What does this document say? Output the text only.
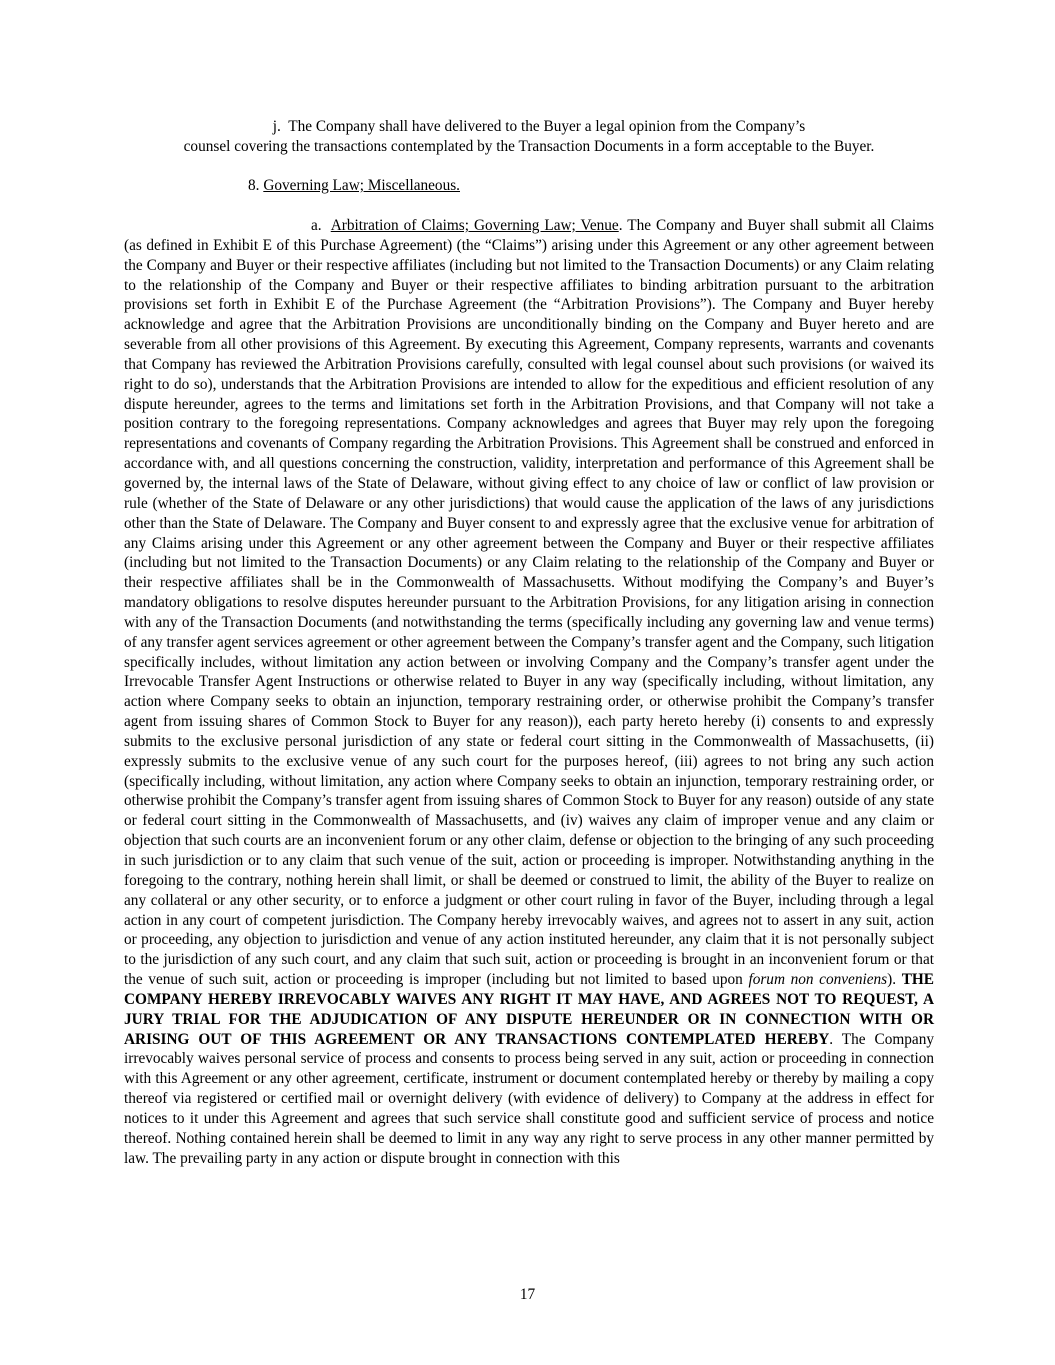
j. The Company shall have delivered to the Buyer a legal opinion from the Company’s
counsel covering the transactions contemplated by the Transaction Documents in a form acceptable to the Buyer.
8. Governing Law; Miscellaneous.
a. Arbitration of Claims; Governing Law; Venue. The Company and Buyer shall submit all Claims (as defined in Exhibit E of this Purchase Agreement) (the “Claims”) arising under this Agreement or any other agreement between the Company and Buyer or their respective affiliates (including but not limited to the Transaction Documents) or any Claim relating to the relationship of the Company and Buyer or their respective affiliates to binding arbitration pursuant to the arbitration provisions set forth in Exhibit E of the Purchase Agreement (the “Arbitration Provisions”). The Company and Buyer hereby acknowledge and agree that the Arbitration Provisions are unconditionally binding on the Company and Buyer hereto and are severable from all other provisions of this Agreement. By executing this Agreement, Company represents, warrants and covenants that Company has reviewed the Arbitration Provisions carefully, consulted with legal counsel about such provisions (or waived its right to do so), understands that the Arbitration Provisions are intended to allow for the expeditious and efficient resolution of any dispute hereunder, agrees to the terms and limitations set forth in the Arbitration Provisions, and that Company will not take a position contrary to the foregoing representations. Company acknowledges and agrees that Buyer may rely upon the foregoing representations and covenants of Company regarding the Arbitration Provisions. This Agreement shall be construed and enforced in accordance with, and all questions concerning the construction, validity, interpretation and performance of this Agreement shall be governed by, the internal laws of the State of Delaware, without giving effect to any choice of law or conflict of law provision or rule (whether of the State of Delaware or any other jurisdictions) that would cause the application of the laws of any jurisdictions other than the State of Delaware. The Company and Buyer consent to and expressly agree that the exclusive venue for arbitration of any Claims arising under this Agreement or any other agreement between the Company and Buyer or their respective affiliates (including but not limited to the Transaction Documents) or any Claim relating to the relationship of the Company and Buyer or their respective affiliates shall be in the Commonwealth of Massachusetts. Without modifying the Company’s and Buyer’s mandatory obligations to resolve disputes hereunder pursuant to the Arbitration Provisions, for any litigation arising in connection with any of the Transaction Documents (and notwithstanding the terms (specifically including any governing law and venue terms) of any transfer agent services agreement or other agreement between the Company’s transfer agent and the Company, such litigation specifically includes, without limitation any action between or involving Company and the Company’s transfer agent under the Irrevocable Transfer Agent Instructions or otherwise related to Buyer in any way (specifically including, without limitation, any action where Company seeks to obtain an injunction, temporary restraining order, or otherwise prohibit the Company’s transfer agent from issuing shares of Common Stock to Buyer for any reason)), each party hereto hereby (i) consents to and expressly submits to the exclusive personal jurisdiction of any state or federal court sitting in the Commonwealth of Massachusetts, (ii) expressly submits to the exclusive venue of any such court for the purposes hereof, (iii) agrees to not bring any such action (specifically including, without limitation, any action where Company seeks to obtain an injunction, temporary restraining order, or otherwise prohibit the Company’s transfer agent from issuing shares of Common Stock to Buyer for any reason) outside of any state or federal court sitting in the Commonwealth of Massachusetts, and (iv) waives any claim of improper venue and any claim or objection that such courts are an inconvenient forum or any other claim, defense or objection to the bringing of any such proceeding in such jurisdiction or to any claim that such venue of the suit, action or proceeding is improper. Notwithstanding anything in the foregoing to the contrary, nothing herein shall limit, or shall be deemed or construed to limit, the ability of the Buyer to realize on any collateral or any other security, or to enforce a judgment or other court ruling in favor of the Buyer, including through a legal action in any court of competent jurisdiction. The Company hereby irrevocably waives, and agrees not to assert in any suit, action or proceeding, any objection to jurisdiction and venue of any action instituted hereunder, any claim that it is not personally subject to the jurisdiction of any such court, and any claim that such suit, action or proceeding is brought in an inconvenient forum or that the venue of such suit, action or proceeding is improper (including but not limited to based upon forum non conveniens). THE COMPANY HEREBY IRREVOCABLY WAIVES ANY RIGHT IT MAY HAVE, AND AGREES NOT TO REQUEST, A JURY TRIAL FOR THE ADJUDICATION OF ANY DISPUTE HEREUNDER OR IN CONNECTION WITH OR ARISING OUT OF THIS AGREEMENT OR ANY TRANSACTIONS CONTEMPLATED HEREBY. The Company irrevocably waives personal service of process and consents to process being served in any suit, action or proceeding in connection with this Agreement or any other agreement, certificate, instrument or document contemplated hereby or thereby by mailing a copy thereof via registered or certified mail or overnight delivery (with evidence of delivery) to Company at the address in effect for notices to it under this Agreement and agrees that such service shall constitute good and sufficient service of process and notice thereof. Nothing contained herein shall be deemed to limit in any way any right to serve process in any other manner permitted by law. The prevailing party in any action or dispute brought in connection with this
17
